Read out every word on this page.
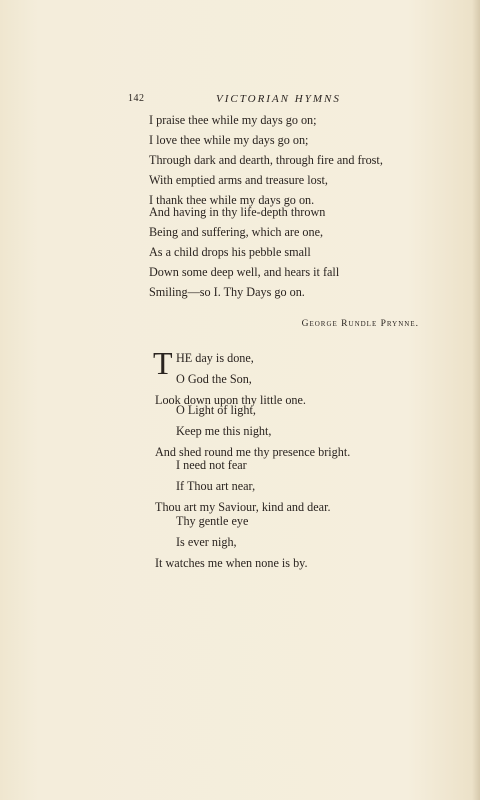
142	VICTORIAN HYMNS
I praise thee while my days go on;
I love thee while my days go on;
Through dark and dearth, through fire and frost,
With emptied arms and treasure lost,
I thank thee while my days go on.
And having in thy life-depth thrown
Being and suffering, which are one,
As a child drops his pebble small
Down some deep well, and hears it fall
Smiling—so I. Thy Days go on.
George Rundle Prynne.
T HE day is done,
O God the Son,
Look down upon thy little one.
O Light of light,
Keep me this night,
And shed round me thy presence bright.
I need not fear
If Thou art near,
Thou art my Saviour, kind and dear.
Thy gentle eye
Is ever nigh,
It watches me when none is by.
